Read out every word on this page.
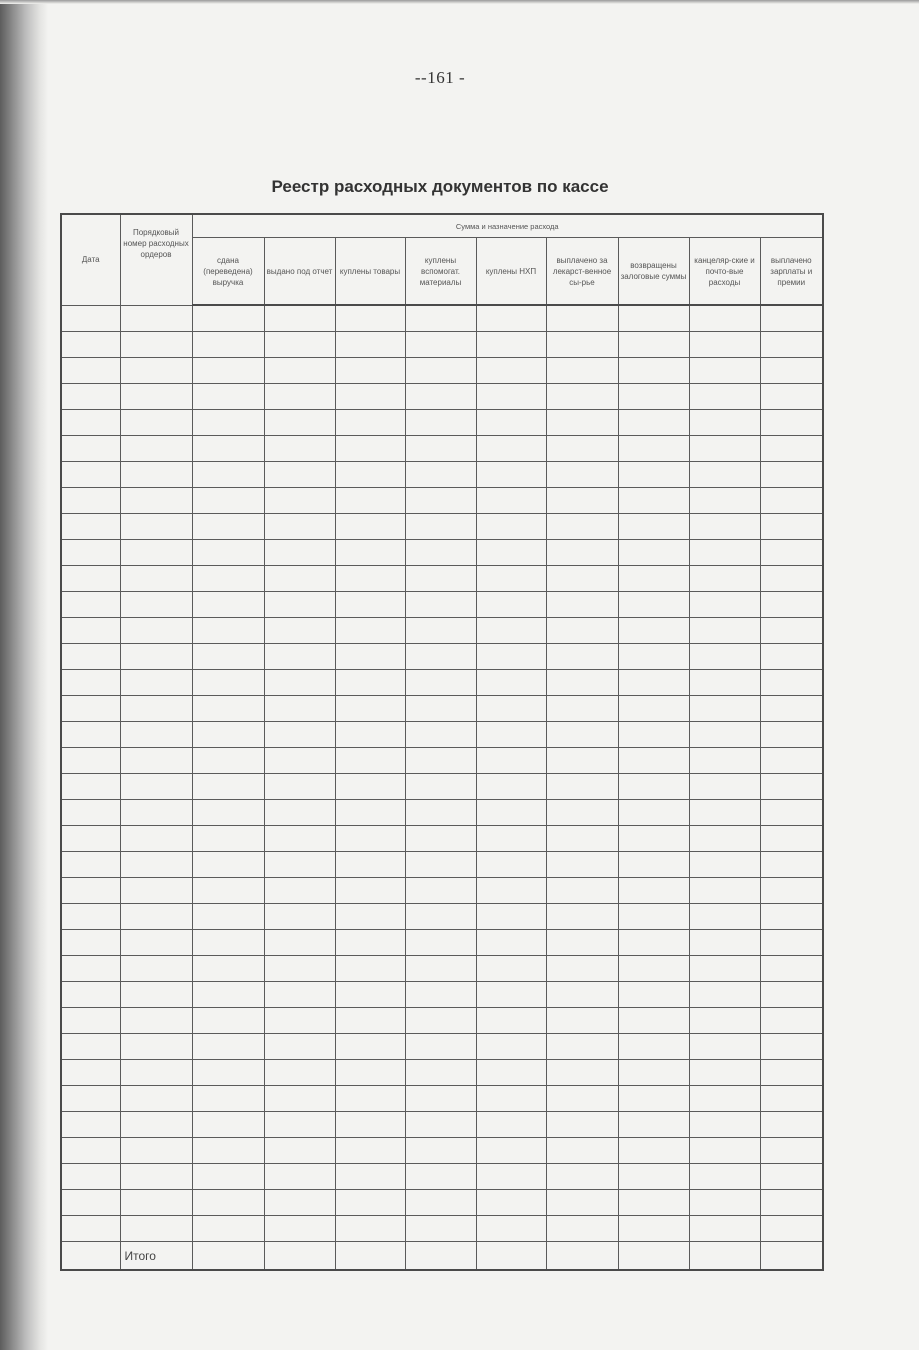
--161 -
Реестр расходных документов по кассе
Дата	Порядковый номер расходных ордеров	Сумма и назначение расхода								
		сдана (переведена) выручка	выдано под отчет	куплены товары	куплены вспомогат. материалы	куплены НХП	выплачено за лекарст-венное сы-рье	возвращены залоговые суммы	канцеляр-ские и почто-вые расходы	выплачено зарплаты и премии

	Итого									
